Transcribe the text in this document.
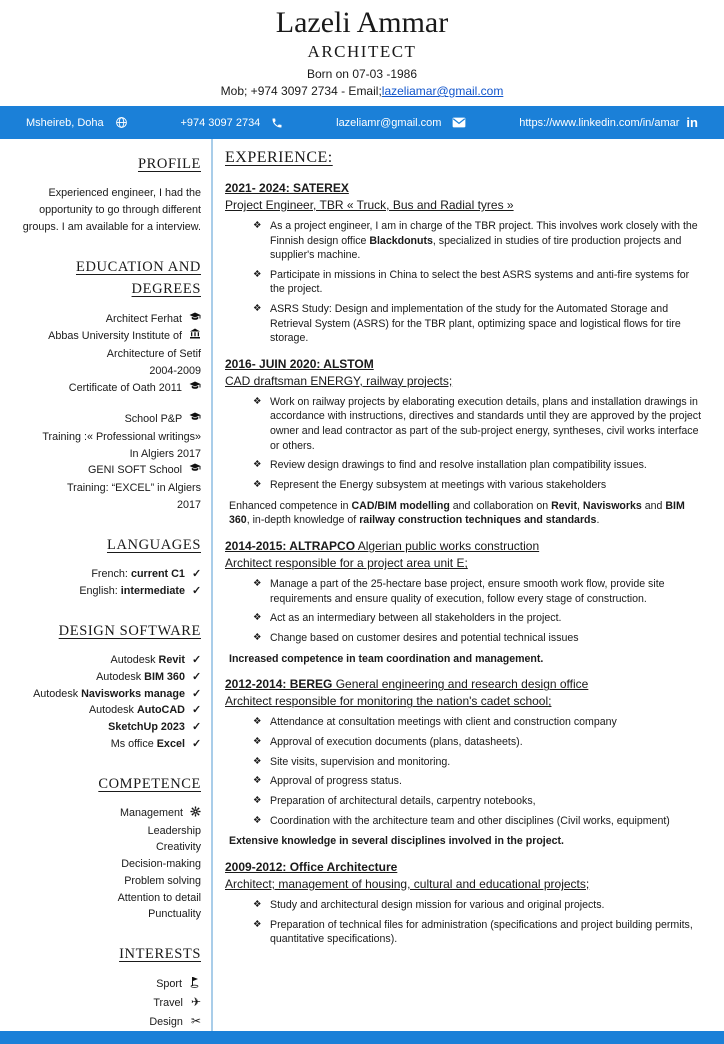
Lazeli Ammar
ARCHITECT
Born on 07-03 -1986
Mob; +974 3097 2734 - Email;lazeliamar@gmail.com
Msheireb, Doha	+974 3097 2734	lazeliamr@gmail.com	https://www.linkedin.com/in/amar in
PROFILE

Experienced engineer, I had the opportunity to go through different groups. I am available for a interview.

EDUCATION AND DEGREES
Architect Ferhat
Abbas University Institute of
Architecture of Setif
2004-2009
Certificate of Oath 2011
School P&P
Training :« Professional writings»
In Algiers 2017
GENI SOFT School
Training: “EXCEL” in Algiers
2017
LANGUAGES
French: current C1 ✓
English: intermediate ✓
DESIGN SOFTWARE
Autodesk Revit ✓
Autodesk BIM 360 ✓
Autodesk Navisworks manage ✓
Autodesk AutoCAD ✓
SketchUp 2023 ✓
Ms office Excel ✓
COMPETENCE
Management
Leadership
Creativity
Decision-making
Problem solving
Attention to detail
Punctuality
INTERESTS
Sport
Travel ✈
Design ✂
EXPERIENCE:
2021- 2024: SATEREX

Project Engineer, TBR « Truck, Bus and Radial tyres »

❖ As a project engineer, I am in charge of the TBR project. This involves work closely with the Finnish design office Blackdonuts, specialized in studies of tire production projects and supplier's machine.
❖ Participate in missions in China to select the best ASRS systems and anti-fire systems for the project.
❖ ASRS Study: Design and implementation of the study for the Automated Storage and Retrieval System (ASRS) for the TBR plant, optimizing space and logistical flows for tire storage.
2016- JUIN 2020: ALSTOM

CAD draftsman ENERGY, railway projects;

❖ Work on railway projects by elaborating execution details, plans and installation drawings in accordance with instructions, directives and standards until they are approved by the project owner and lead contractor as part of the sub-project energy, syntheses, civil works interface or others.
❖ Review design drawings to find and resolve installation plan compatibility issues.
❖ Represent the Energy subsystem at meetings with various stakeholders

Enhanced competence in CAD/BIM modelling and collaboration on Revit, Navisworks and BIM 360, in-depth knowledge of railway construction techniques and standards.

2014-2015: ALTRAPCO Algerian public works construction

Architect responsible for a project area unit E;

❖ Manage a part of the 25-hectare base project, ensure smooth work flow, provide site requirements and ensure quality of execution, follow every stage of construction.
❖ Act as an intermediary between all stakeholders in the project.
❖ Change based on customer desires and potential technical issues

Increased competence in team coordination and management.

2012-2014: BEREG General engineering and research design office

Architect responsible for monitoring the nation's cadet school;

❖ Attendance at consultation meetings with client and construction company
❖ Approval of execution documents (plans, datasheets).
❖ Site visits, supervision and monitoring.
❖ Approval of progress status.
❖ Preparation of architectural details, carpentry notebooks,
❖ Coordination with the architecture team and other disciplines (Civil works, equipment)

Extensive knowledge in several disciplines involved in the project.

2009-2012: Office Architecture

Architect; management of housing, cultural and educational projects;

❖ Study and architectural design mission for various and original projects.
❖ Preparation of technical files for administration (specifications and project building permits, quantitative specifications).
